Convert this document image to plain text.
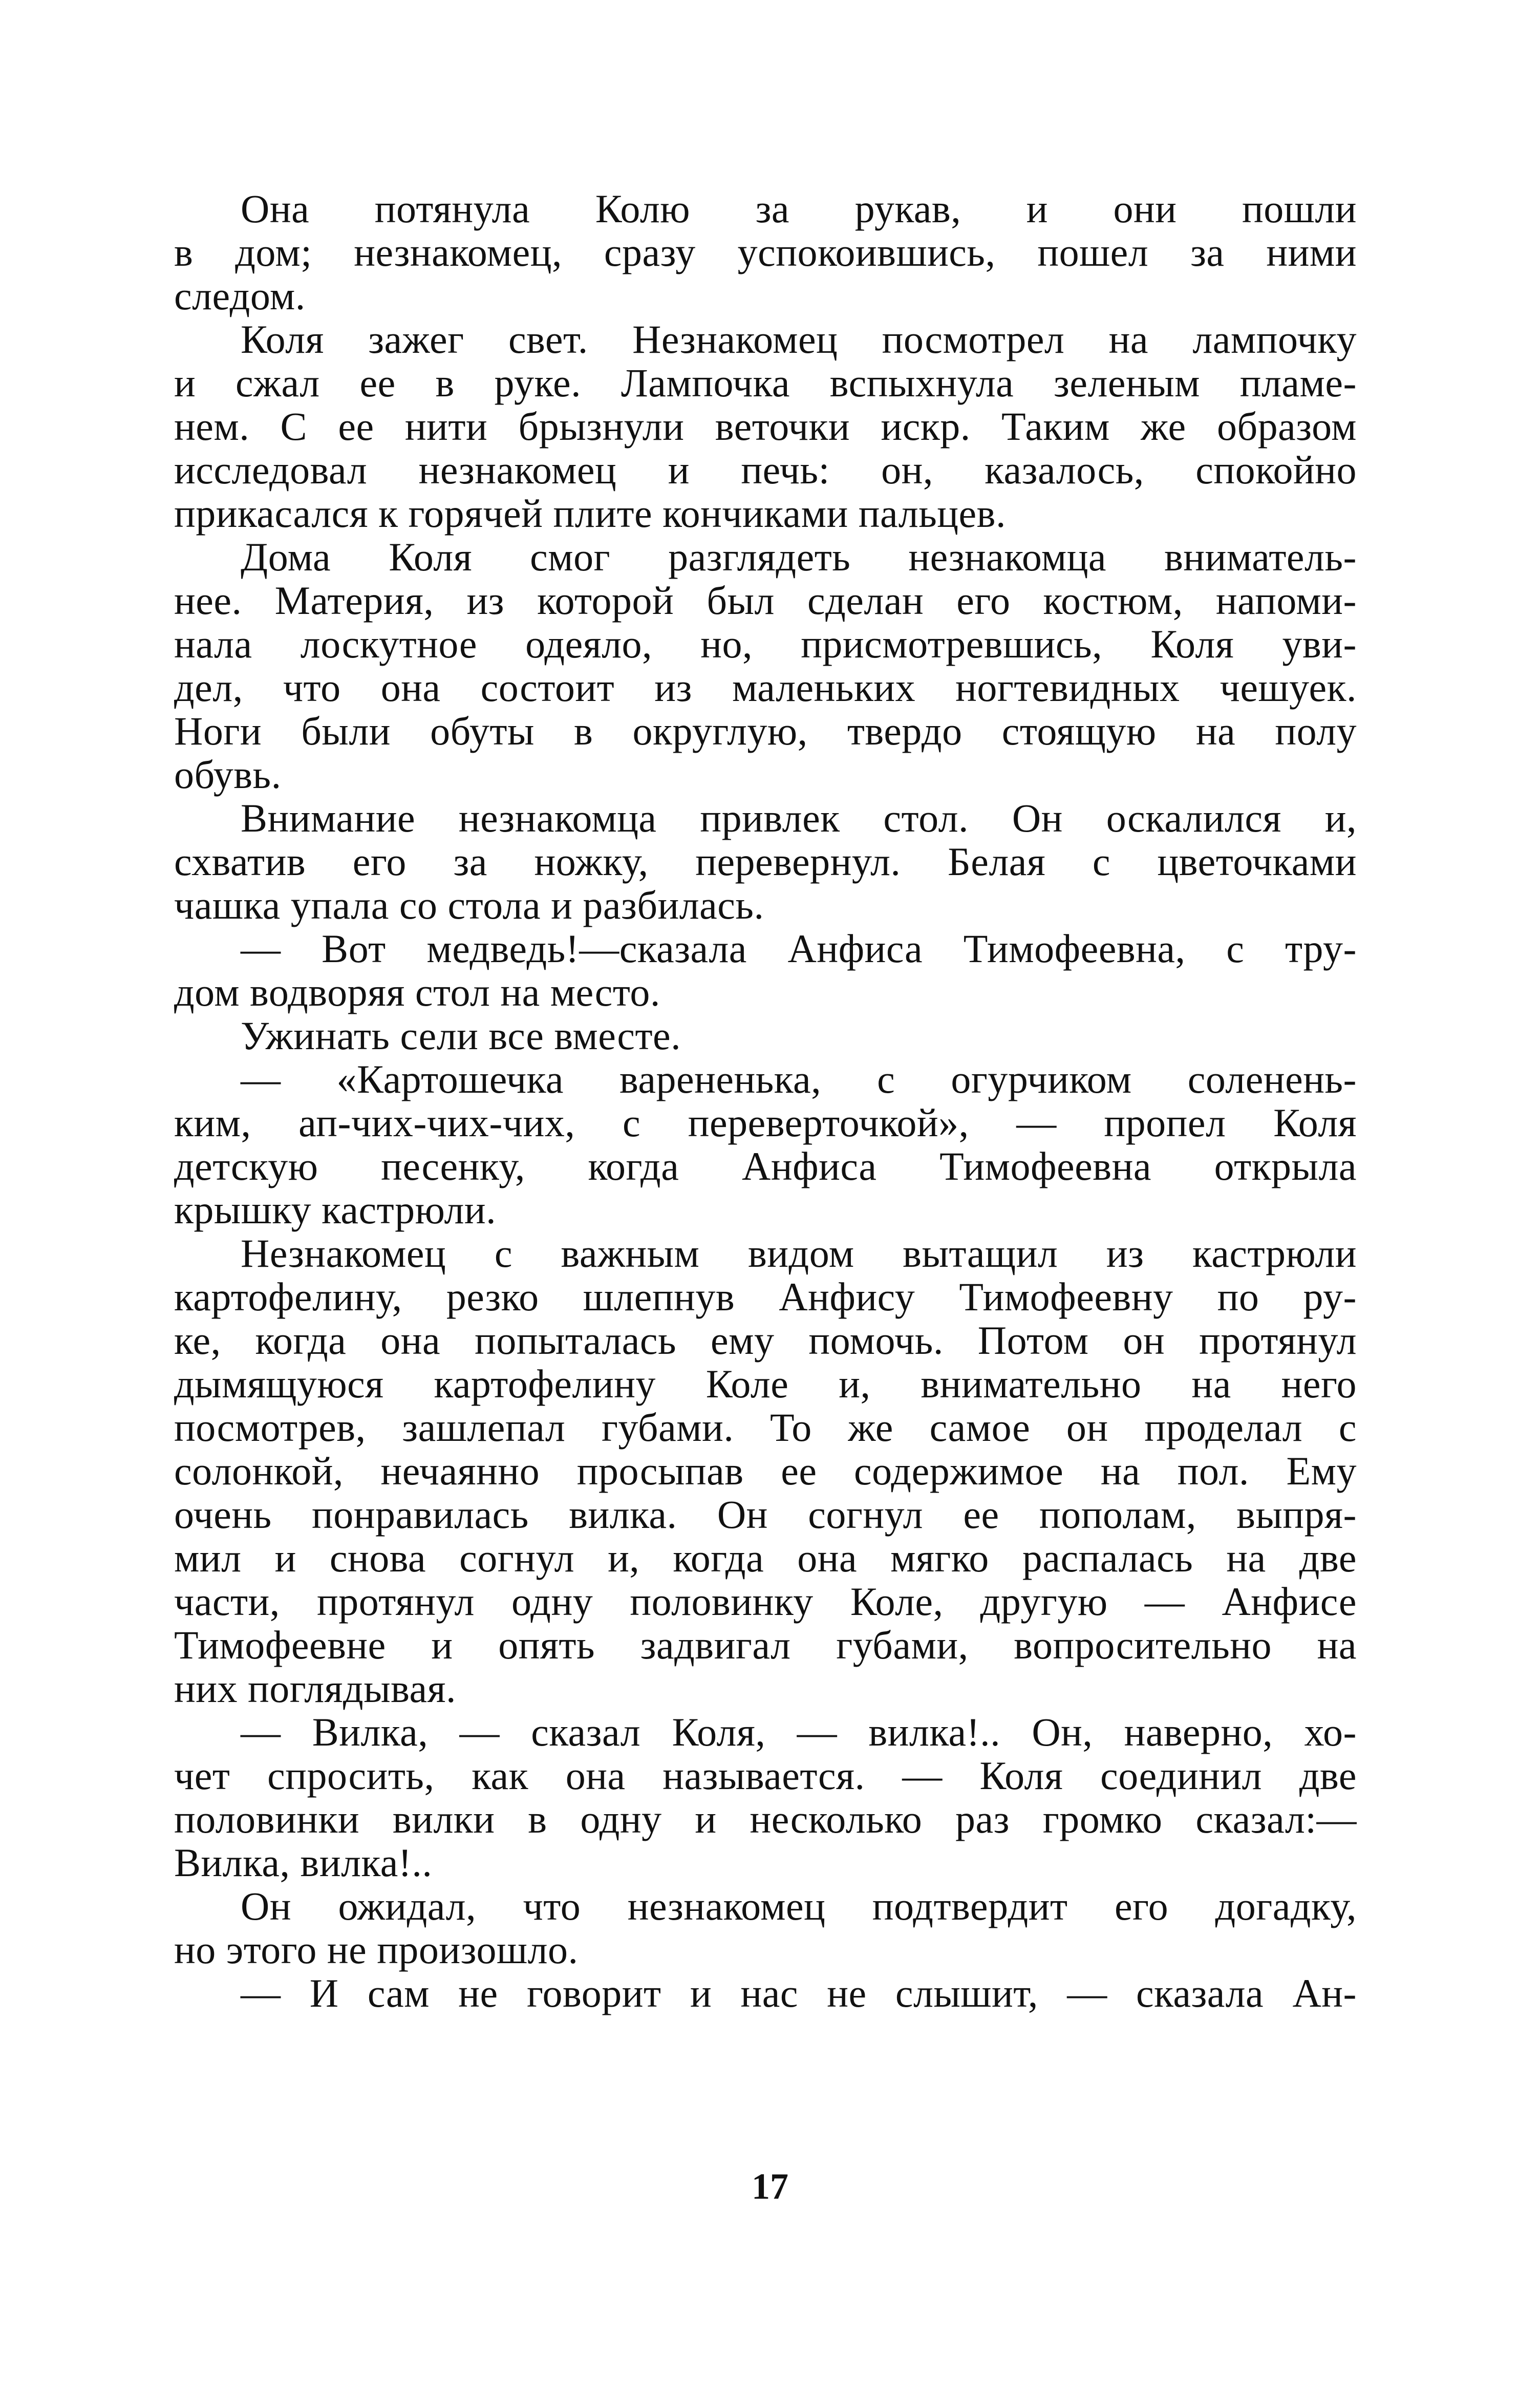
Она потянула Колю за рукав, и они пошли
в дом; незнакомец, сразу успокоившись, пошел за ними
следом.
Коля зажег свет. Незнакомец посмотрел на лампочку
и сжал ее в руке. Лампочка вспыхнула зеленым пламе-
нем. С ее нити брызнули веточки искр. Таким же образом
исследовал незнакомец и печь: он, казалось, спокойно
прикасался к горячей плите кончиками пальцев.
Дома Коля смог разглядеть незнакомца вниматель-
нее. Материя, из которой был сделан его костюм, напоми-
нала лоскутное одеяло, но, присмотревшись, Коля уви-
дел, что она состоит из маленьких ногтевидных чешуек.
Ноги были обуты в округлую, твердо стоящую на полу
обувь.
Внимание незнакомца привлек стол. Он оскалился и,
схватив его за ножку, перевернул. Белая с цветочками
чашка упала со стола и разбилась.
— Вот медведь!—сказала Анфиса Тимофеевна, с тру-
дом водворяя стол на место.
Ужинать сели все вместе.
— «Картошечка варененька, с огурчиком соленень-
ким, ап-чих-чих-чих, с переверточкой», — пропел Коля
детскую песенку, когда Анфиса Тимофеевна открыла
крышку кастрюли.
Незнакомец с важным видом вытащил из кастрюли
картофелину, резко шлепнув Анфису Тимофеевну по ру-
ке, когда она попыталась ему помочь. Потом он протянул
дымящуюся картофелину Коле и, внимательно на него
посмотрев, зашлепал губами. То же самое он проделал с
солонкой, нечаянно просыпав ее содержимое на пол. Ему
очень понравилась вилка. Он согнул ее пополам, выпря-
мил и снова согнул и, когда она мягко распалась на две
части, протянул одну половинку Коле, другую — Анфисе
Тимофеевне и опять задвигал губами, вопросительно на
них поглядывая.
— Вилка, — сказал Коля, — вилка!.. Он, наверно, хо-
чет спросить, как она называется. — Коля соединил две
половинки вилки в одну и несколько раз громко сказал:—
Вилка, вилка!..
Он ожидал, что незнакомец подтвердит его догадку,
но этого не произошло.
— И сам не говорит и нас не слышит, — сказала Ан-
17
